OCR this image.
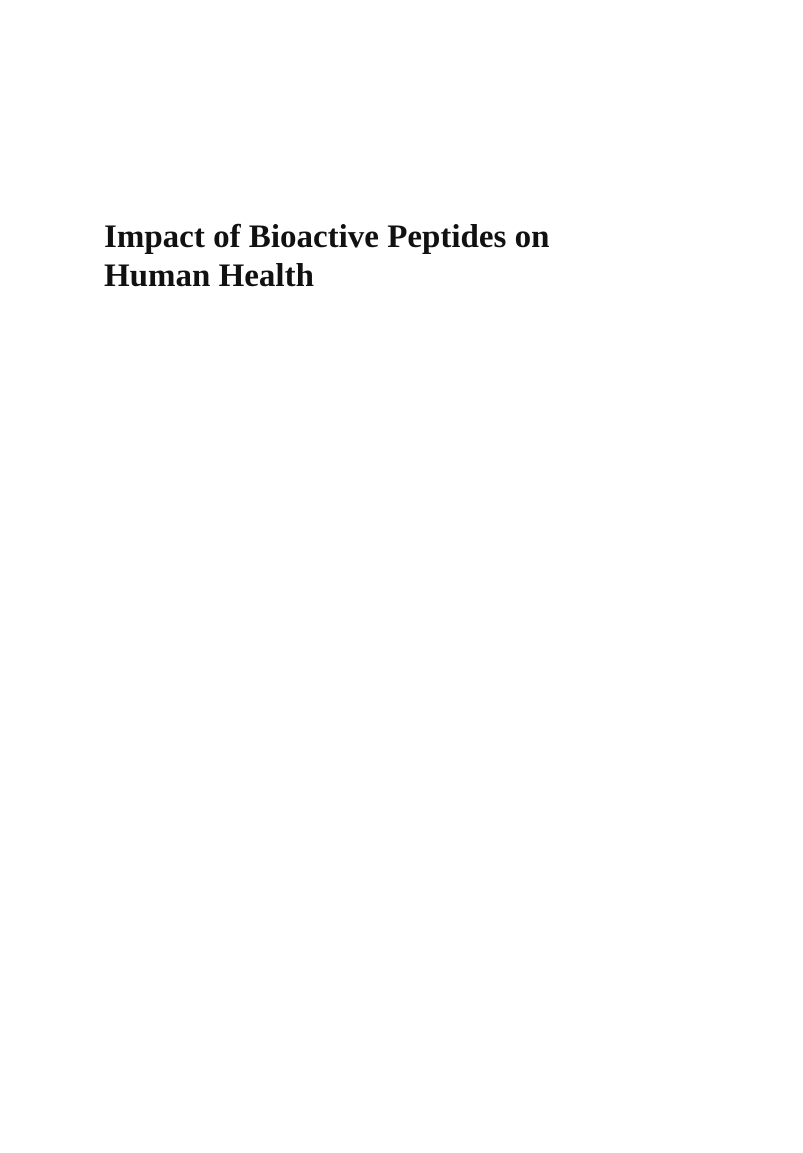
Impact of Bioactive Peptides on
Human Health
